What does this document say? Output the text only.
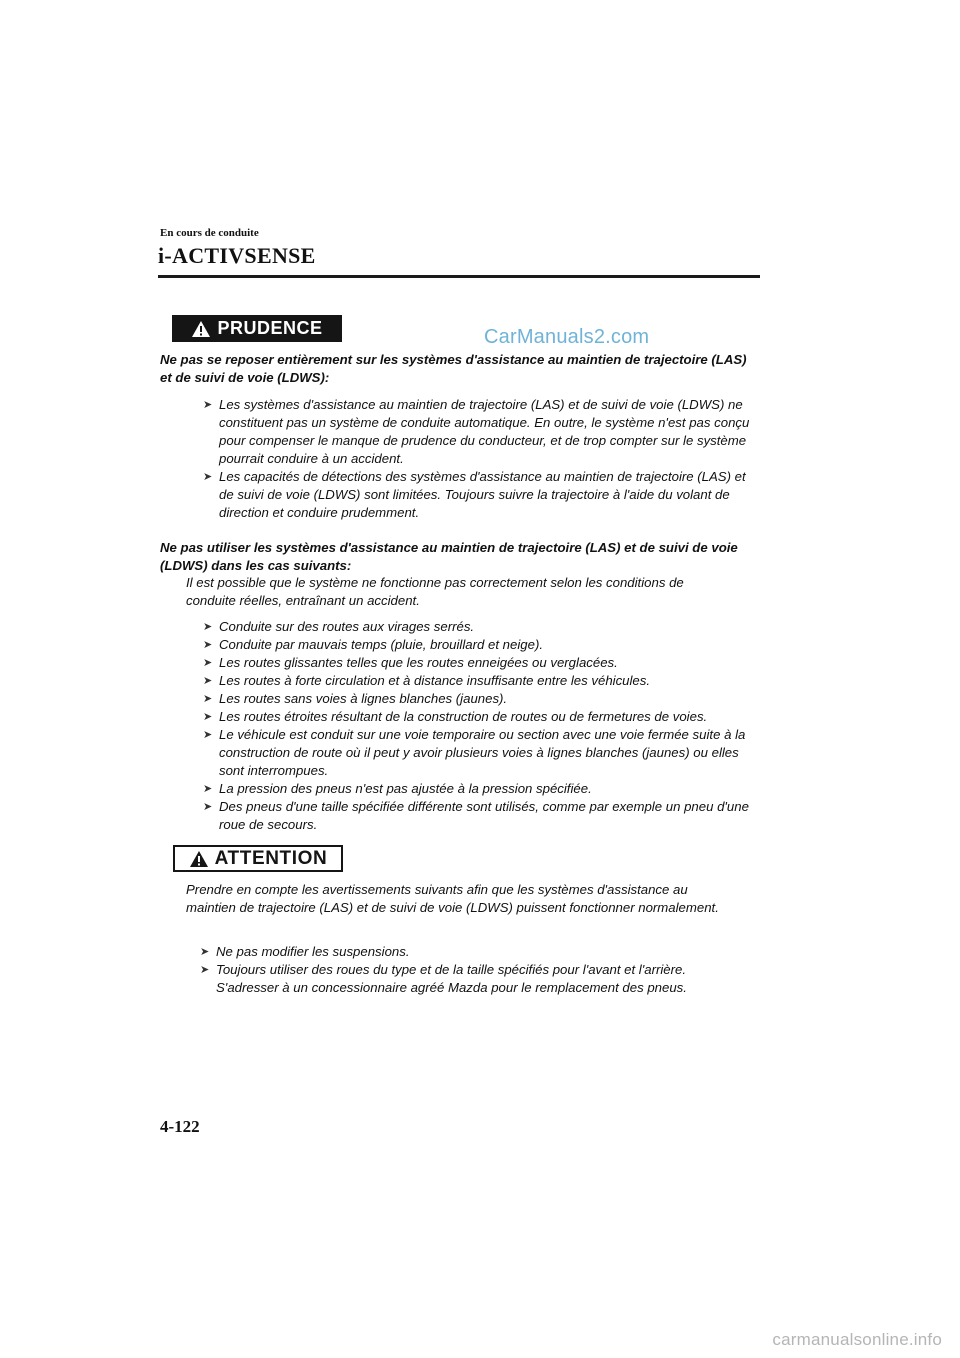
En cours de conduite
i-ACTIVSENSE
PRUDENCE	CarManuals2.com
Ne pas se reposer entièrement sur les systèmes d'assistance au maintien de trajectoire (LAS) et de suivi de voie (LDWS):
➤ Les systèmes d'assistance au maintien de trajectoire (LAS) et de suivi de voie (LDWS) ne constituent pas un système de conduite automatique. En outre, le système n'est pas conçu pour compenser le manque de prudence du conducteur, et de trop compter sur le système pourrait conduire à un accident.
➤ Les capacités de détections des systèmes d'assistance au maintien de trajectoire (LAS) et de suivi de voie (LDWS) sont limitées. Toujours suivre la trajectoire à l'aide du volant de direction et conduire prudemment.
Ne pas utiliser les systèmes d'assistance au maintien de trajectoire (LAS) et de suivi de voie (LDWS) dans les cas suivants:
Il est possible que le système ne fonctionne pas correctement selon les conditions de conduite réelles, entraînant un accident.
➤ Conduite sur des routes aux virages serrés.
➤ Conduite par mauvais temps (pluie, brouillard et neige).
➤ Les routes glissantes telles que les routes enneigées ou verglacées.
➤ Les routes à forte circulation et à distance insuffisante entre les véhicules.
➤ Les routes sans voies à lignes blanches (jaunes).
➤ Les routes étroites résultant de la construction de routes ou de fermetures de voies.
➤ Le véhicule est conduit sur une voie temporaire ou section avec une voie fermée suite à la construction de route où il peut y avoir plusieurs voies à lignes blanches (jaunes) ou elles sont interrompues.
➤ La pression des pneus n'est pas ajustée à la pression spécifiée.
➤ Des pneus d'une taille spécifiée différente sont utilisés, comme par exemple un pneu d'une roue de secours.
ATTENTION
Prendre en compte les avertissements suivants afin que les systèmes d'assistance au maintien de trajectoire (LAS) et de suivi de voie (LDWS) puissent fonctionner normalement.
➤ Ne pas modifier les suspensions.
➤ Toujours utiliser des roues du type et de la taille spécifiés pour l'avant et l'arrière. S'adresser à un concessionnaire agréé Mazda pour le remplacement des pneus.
4-122
carmanualsonline.info
